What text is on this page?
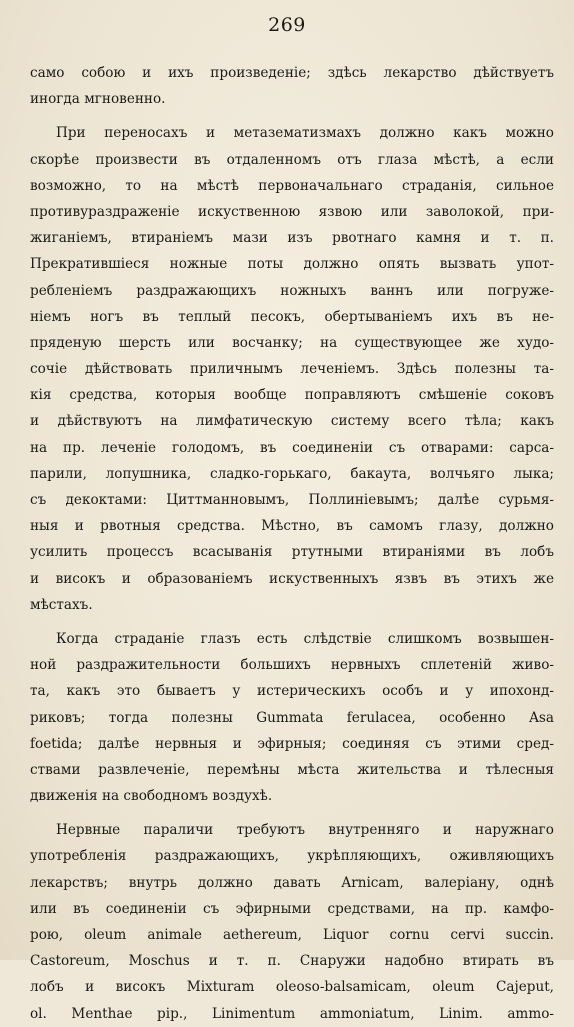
269
само собою и ихъ произведеніе; здѣсь лекарство дѣйствуетъ
иногда мгновенно.
При переносахъ и метазематизмахъ должно какъ можно
скорѣе произвести въ отдаленномъ отъ глаза мѣстѣ, а если
возможно, то на мѣстѣ первоначальнаго страданія, сильное
противураздраженіе искуственною язвою или заволокой, при-
жиганіемъ, втираніемъ мази изъ рвотнаго камня и т. п.
Прекратившіеся ножные поты должно опять вызвать упот-
ребленіемъ раздражающихъ ножныхъ ваннъ или погруже-
ніемъ ногъ въ теплый песокъ, обертываніемъ ихъ въ не-
пряденую шерсть или восчанку; на существующее же худо-
сочіе дѣйствовать приличнымъ леченіемъ. Здѣсь полезны та-
кія средства, которыя вообще поправляютъ смѣшеніе соковъ
и дѣйствуютъ на лимфатическую систему всего тѣла; какъ
на пр. леченіе голодомъ, въ соединеніи съ отварами: сарса-
парили, лопушника, сладко-горькаго, бакаута, волчьяго лыка;
съ декоктами: Циттманновымъ, Поллиніевымъ; далѣе сурьмя-
ныя и рвотныя средства. Мѣстно, въ самомъ глазу, должно
усилить процессъ всасыванія ртутными втираніями въ лобъ
и високъ и образованіемъ искуственныхъ язвъ въ этихъ же
мѣстахъ.
Когда страданіе глазъ есть слѣдствіе слишкомъ возвышен-
ной раздражительности большихъ нервныхъ сплетеній живо-
та, какъ это бываетъ у истерическихъ особъ и у ипохонд-
риковъ; тогда полезны Gummata ferulacea, особенно Asa
foetida; далѣе нервныя и эфирныя; соединяя съ этими сред-
ствами развлеченіе, перемѣны мѣста жительства и тѣлесныя
движенія на свободномъ воздухѣ.
Нервные параличи требуютъ внутренняго и наружнаго
употребленія раздражающихъ, укрѣпляющихъ, оживляющихъ
лекарствъ; внутрь должно давать Arnicam, валеріану, однѣ
или въ соединеніи съ эфирными средствами, на пр. камфо-
рою, oleum animale aethereum, Liquor cornu cervi succin.
Castoreum, Moschus и т. п. Снаружи надобно втирать въ
лобъ и високъ Mixturam oleoso-balsamicam, oleum Cajeput,
ol. Menthae pip., Linimentum ammoniatum, Linim. ammo-
